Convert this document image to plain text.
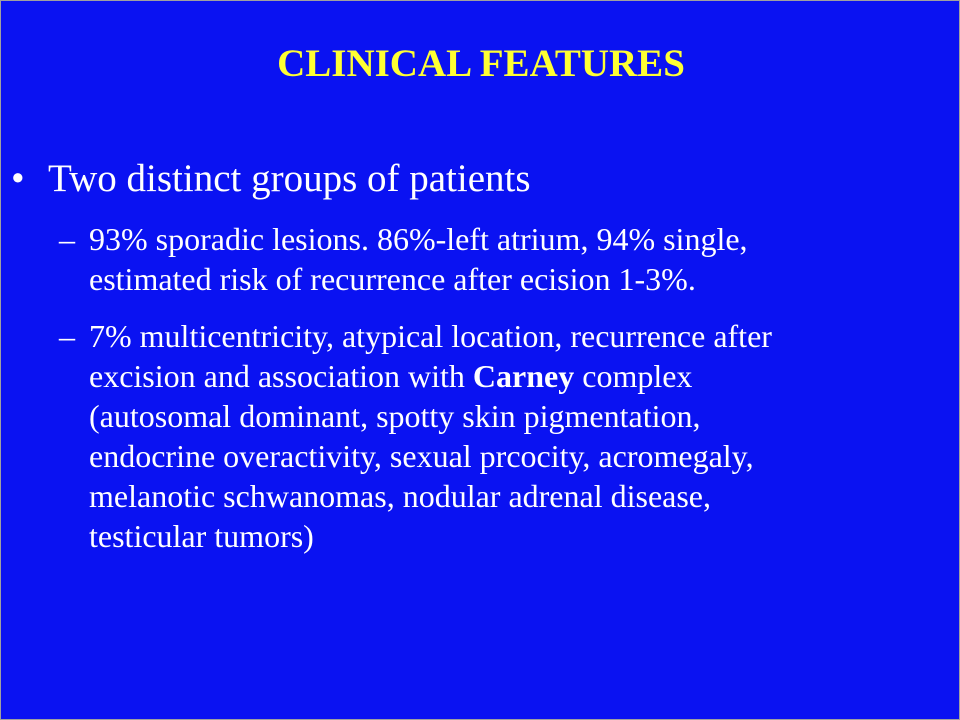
CLINICAL FEATURES
• Two distinct groups of patients
– 93% sporadic lesions. 86%-left atrium, 94% single,
estimated risk of recurrence after ecision 1-3%.
– 7% multicentricity, atypical location, recurrence after
excision and association with Carney complex
(autosomal dominant, spotty skin pigmentation,
endocrine overactivity, sexual prcocity, acromegaly,
melanotic schwanomas, nodular adrenal disease,
testicular tumors)
